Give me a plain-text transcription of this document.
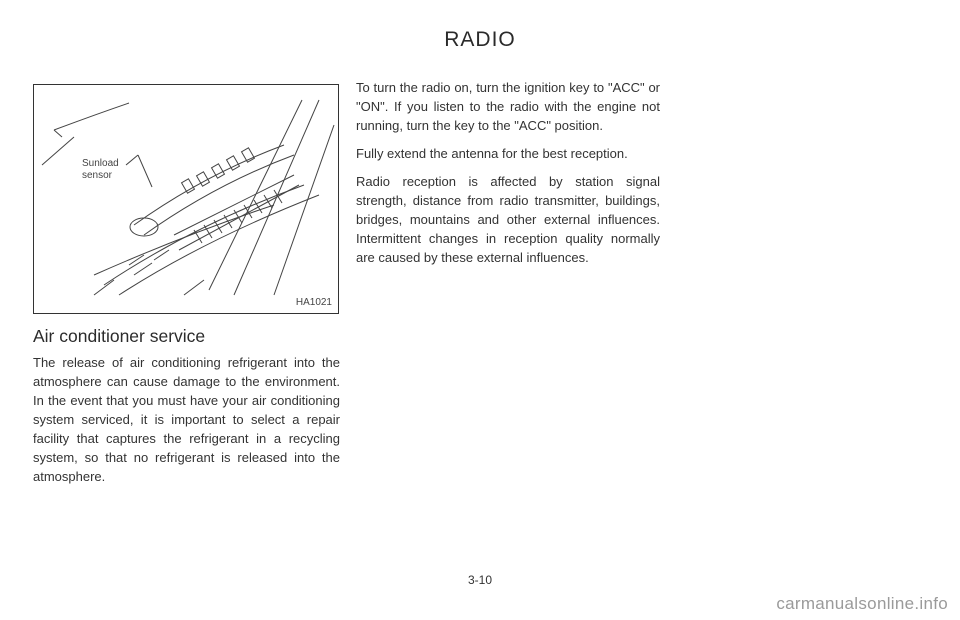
RADIO
Sunload
sensor
HA1021
Air conditioner service

The release of air conditioning refrigerant into the atmosphere can cause damage to the environment. In the event that you must have your air conditioning system serviced, it is important to select a repair facility that captures the refrigerant in a recycling system, so that no refrigerant is released into the atmosphere.

To turn the radio on, turn the ignition key to "ACC" or "ON". If you listen to the radio with the engine not running, turn the key to the "ACC" position.

Fully extend the antenna for the best reception.

Radio reception is affected by station signal strength, distance from radio transmitter, buildings, bridges, mountains and other external influences. Intermittent changes in reception quality normally are caused by these external influences.

3-10
carmanualsonline.info
